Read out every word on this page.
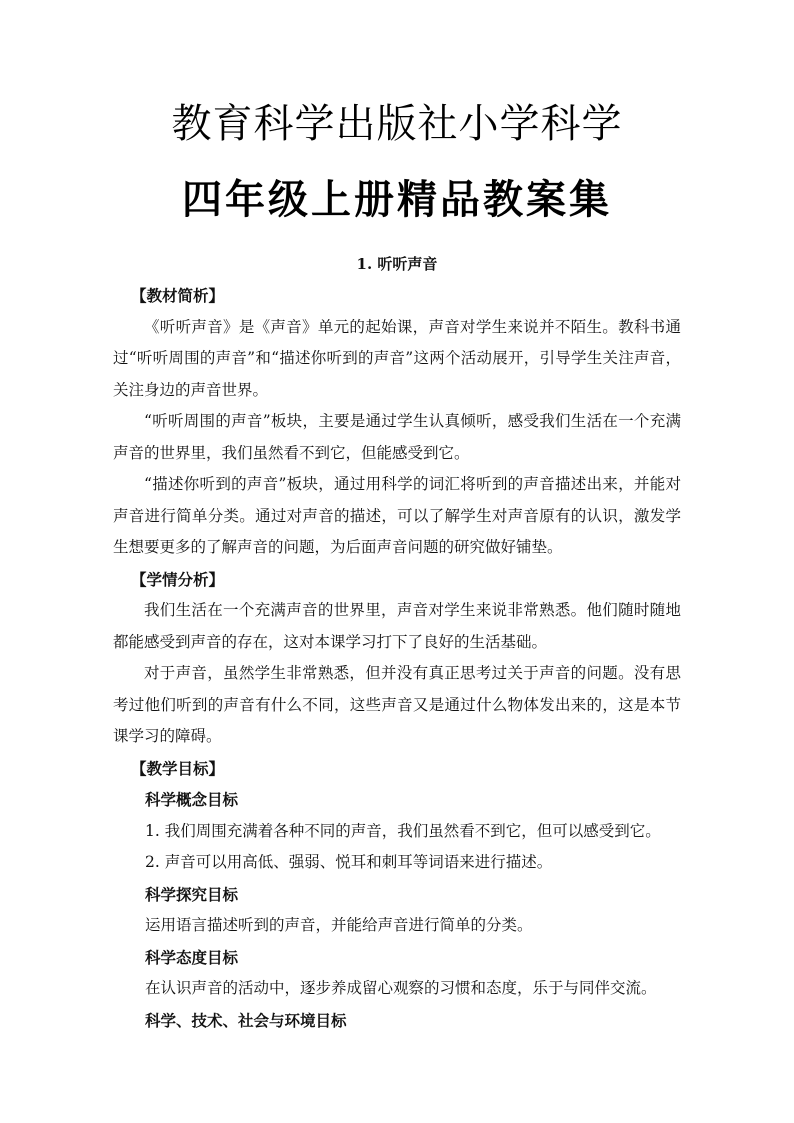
教育科学出版社小学科学
四年级上册精品教案集
1. 听听声音

【教材简析】

《听听声音》是《声音》单元的起始课，声音对学生来说并不陌生。教科书通过“听听周围的声音”和“描述你听到的声音”这两个活动展开，引导学生关注声音，关注身边的声音世界。

“听听周围的声音”板块，主要是通过学生认真倾听，感受我们生活在一个充满声音的世界里，我们虽然看不到它，但能感受到它。

“描述你听到的声音”板块，通过用科学的词汇将听到的声音描述出来，并能对声音进行简单分类。通过对声音的描述，可以了解学生对声音原有的认识，激发学生想要更多的了解声音的问题，为后面声音问题的研究做好铺垫。

【学情分析】

我们生活在一个充满声音的世界里，声音对学生来说非常熟悉。他们随时随地都能感受到声音的存在，这对本课学习打下了良好的生活基础。

对于声音，虽然学生非常熟悉，但并没有真正思考过关于声音的问题。没有思考过他们听到的声音有什么不同，这些声音又是通过什么物体发出来的，这是本节课学习的障碍。

【教学目标】

科学概念目标

1. 我们周围充满着各种不同的声音，我们虽然看不到它，但可以感受到它。

2. 声音可以用高低、强弱、悦耳和刺耳等词语来进行描述。

科学探究目标

运用语言描述听到的声音，并能给声音进行简单的分类。

科学态度目标

在认识声音的活动中，逐步养成留心观察的习惯和态度，乐于与同伴交流。

科学、技术、社会与环境目标
